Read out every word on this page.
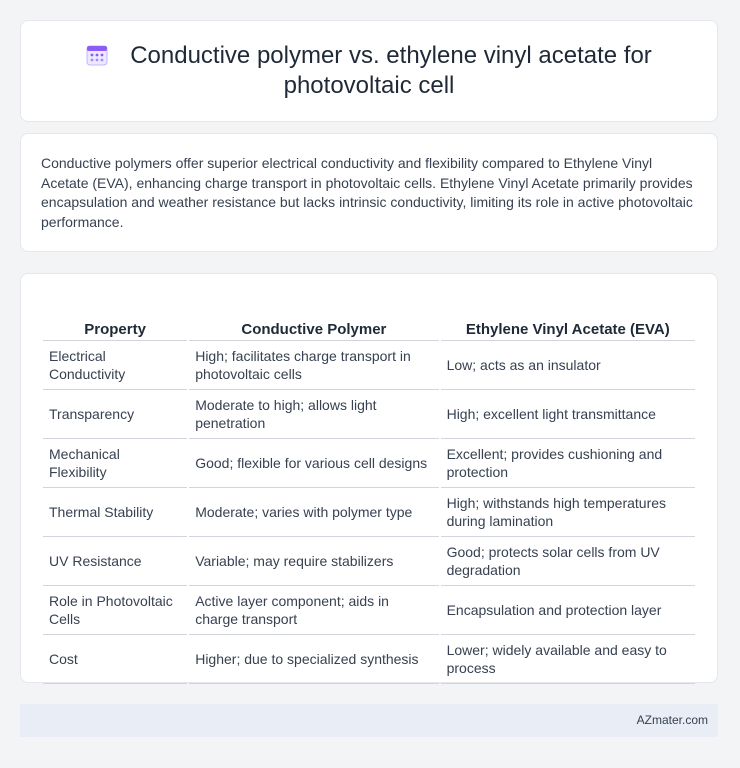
Conductive polymer vs. ethylene vinyl acetate for photovoltaic cell

Conductive polymers offer superior electrical conductivity and flexibility compared to Ethylene Vinyl Acetate (EVA), enhancing charge transport in photovoltaic cells. Ethylene Vinyl Acetate primarily provides encapsulation and weather resistance but lacks intrinsic conductivity, limiting its role in active photovoltaic performance.

Property	Conductive Polymer	Ethylene Vinyl Acetate (EVA)
Electrical Conductivity	High; facilitates charge transport in photovoltaic cells	Low; acts as an insulator
Transparency	Moderate to high; allows light penetration	High; excellent light transmittance
Mechanical Flexibility	Good; flexible for various cell designs	Excellent; provides cushioning and protection
Thermal Stability	Moderate; varies with polymer type	High; withstands high temperatures during lamination
UV Resistance	Variable; may require stabilizers	Good; protects solar cells from UV degradation
Role in Photovoltaic Cells	Active layer component; aids in charge transport	Encapsulation and protection layer
Cost	Higher; due to specialized synthesis	Lower; widely available and easy to process
AZmater.com
